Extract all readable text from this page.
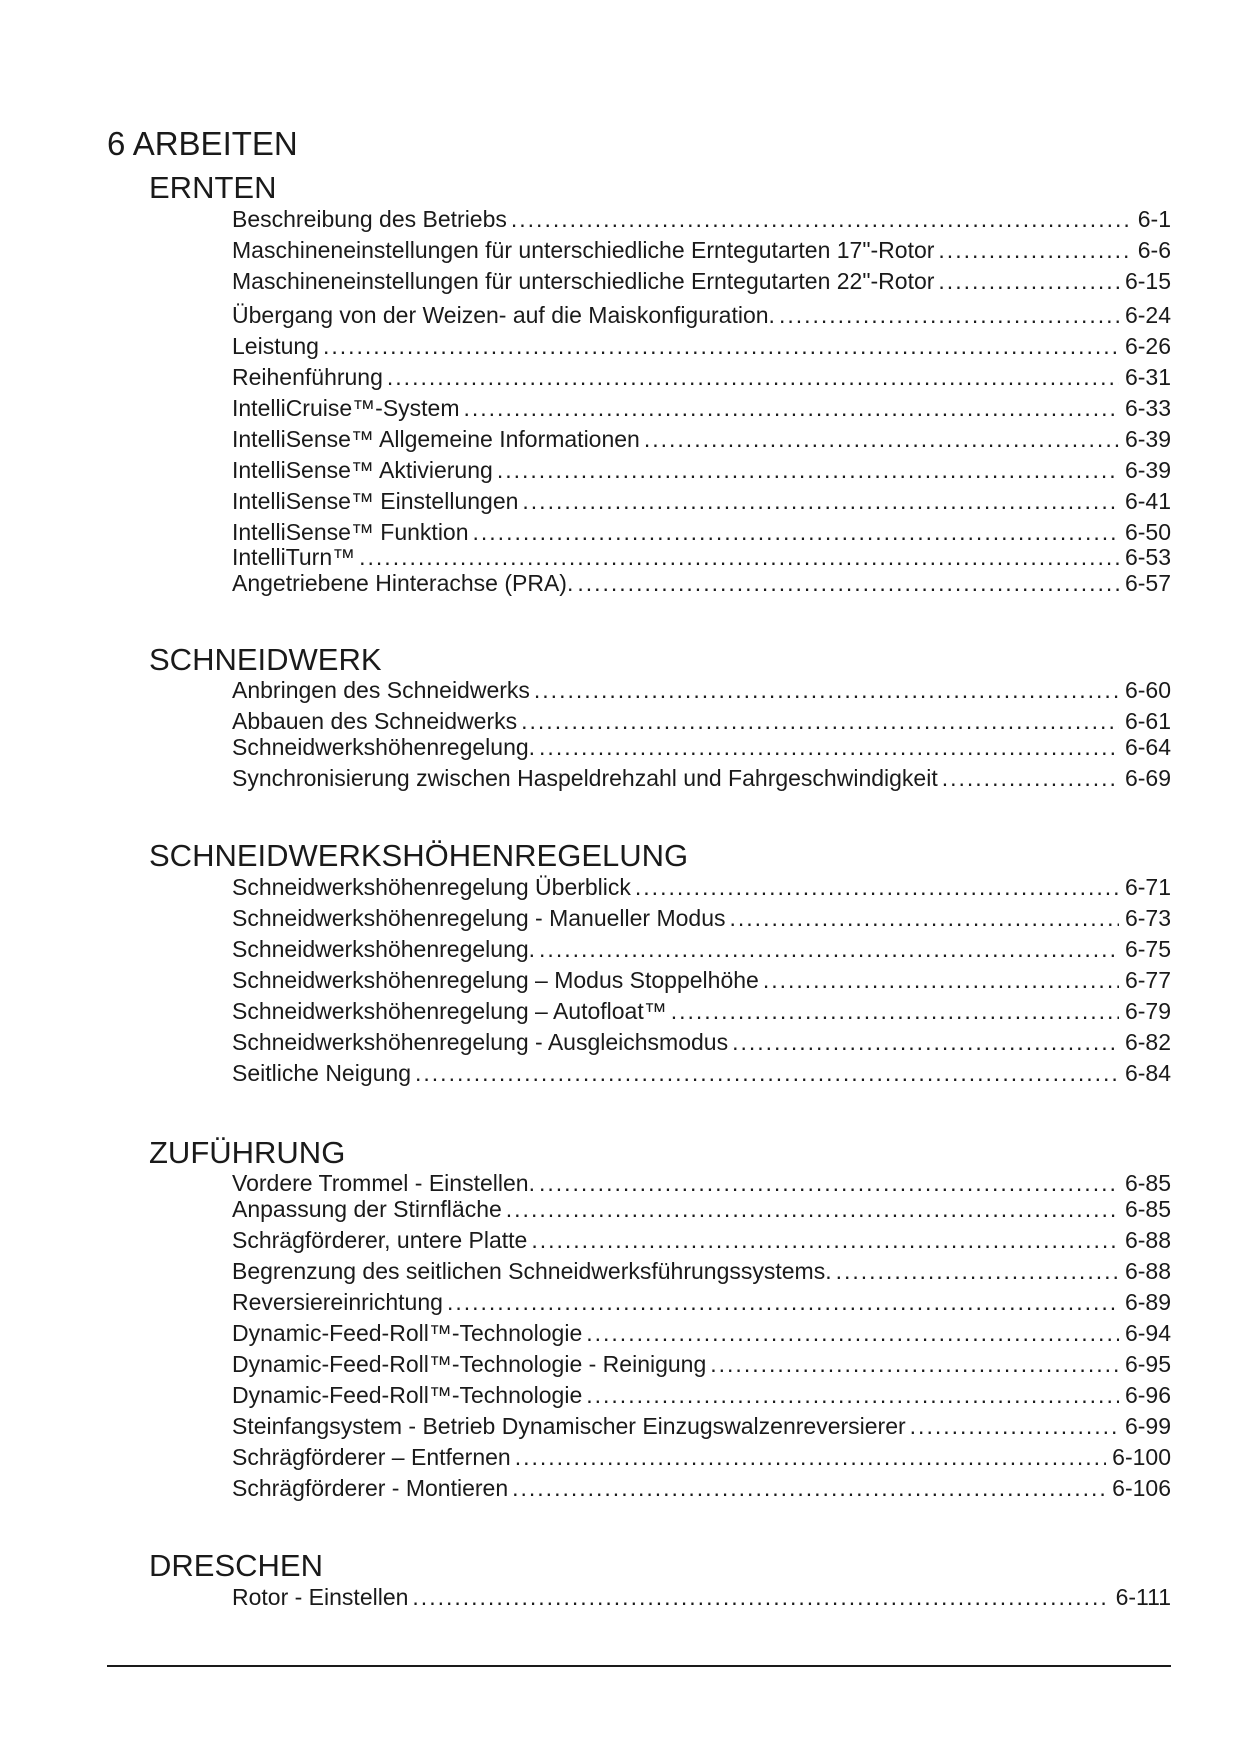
6 ARBEITEN
ERNTEN
Beschreibung des Betriebs .....	6-1
Maschineneinstellungen für unterschiedliche Erntegutarten 17"-Rotor .....	6-6
Maschineneinstellungen für unterschiedliche Erntegutarten 22"-Rotor .....	6-15
Übergang von der Weizen- auf die Maiskonfiguration. .....	6-24
Leistung .....	6-26
Reihenführung .....	6-31
IntelliCruise™-System .....	6-33
IntelliSense™ Allgemeine Informationen .....	6-39
IntelliSense™ Aktivierung .....	6-39
IntelliSense™ Einstellungen .....	6-41
IntelliSense™ Funktion .....	6-50
IntelliTurn™ .....	6-53
Angetriebene Hinterachse (PRA). .....	6-57
SCHNEIDWERK
Anbringen des Schneidwerks .....	6-60
Abbauen des Schneidwerks .....	6-61
Schneidwerkshöhenregelung. .....	6-64
Synchronisierung zwischen Haspeldrehzahl und Fahrgeschwindigkeit .....	6-69
SCHNEIDWERKSHÖHENREGELUNG
Schneidwerkshöhenregelung Überblick .....	6-71
Schneidwerkshöhenregelung - Manueller Modus .....	6-73
Schneidwerkshöhenregelung. .....	6-75
Schneidwerkshöhenregelung – Modus Stoppelhöhe .....	6-77
Schneidwerkshöhenregelung – Autofloat™ .....	6-79
Schneidwerkshöhenregelung - Ausgleichsmodus .....	6-82
Seitliche Neigung .....	6-84
ZUFÜHRUNG
Vordere Trommel - Einstellen. .....	6-85
Anpassung der Stirnfläche .....	6-85
Schrägförderer, untere Platte .....	6-88
Begrenzung des seitlichen Schneidwerksführungssystems. .....	6-88
Reversiereinrichtung .....	6-89
Dynamic-Feed-Roll™-Technologie .....	6-94
Dynamic-Feed-Roll™-Technologie - Reinigung .....	6-95
Dynamic-Feed-Roll™-Technologie .....	6-96
Steinfangsystem - Betrieb Dynamischer Einzugswalzenreversierer .....	6-99
Schrägförderer – Entfernen .....	6-100
Schrägförderer - Montieren .....	6-106
DRESCHEN
Rotor - Einstellen .....	6-111
